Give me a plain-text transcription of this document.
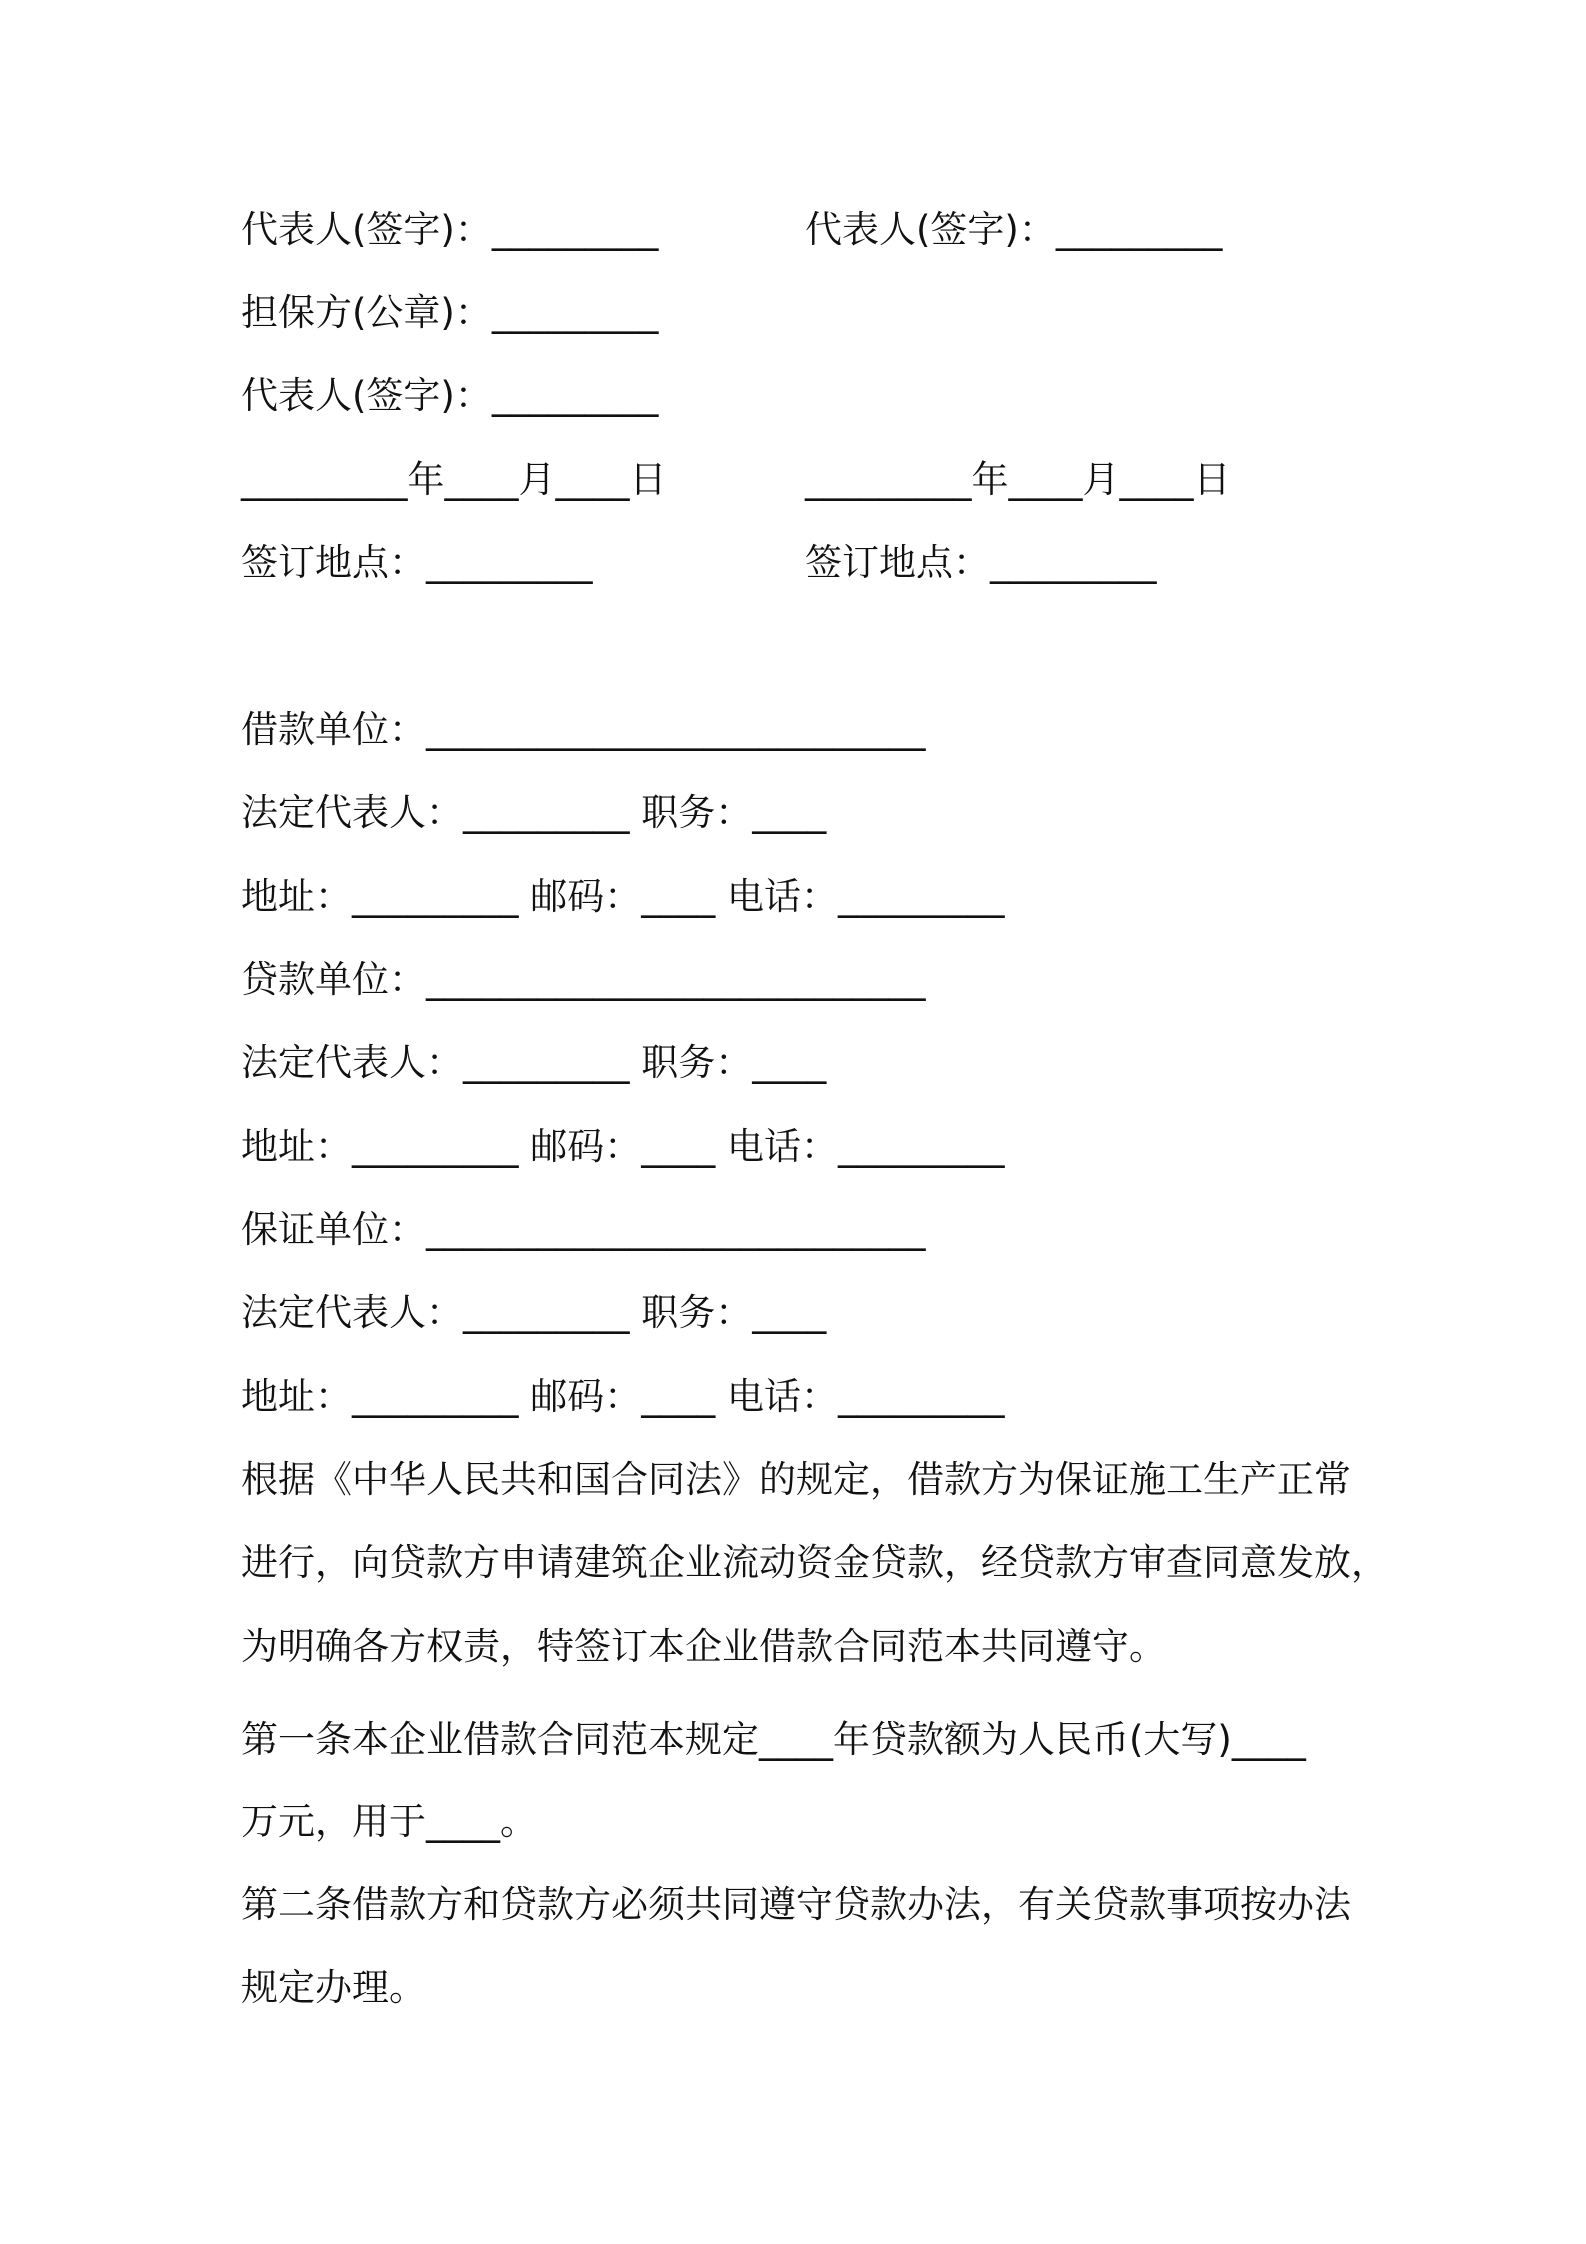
代表人(签字)：_________	代表人(签字)：_________

担保方(公章)：_________

代表人(签字)：_________

_________年____月____日	_________年____月____日

签订地点：_________	签订地点：_________

借款单位：___________________________

法定代表人：_________ 职务：____

地址：_________ 邮码：____ 电话：_________

贷款单位：___________________________

法定代表人：_________ 职务：____

地址：_________ 邮码：____ 电话：_________

保证单位：___________________________

法定代表人：_________ 职务：____

地址：_________ 邮码：____ 电话：_________

根据《中华人民共和国合同法》的规定，借款方为保证施工生产正常

进行，向贷款方申请建筑企业流动资金贷款，经贷款方审查同意发放，

为明确各方权责，特签订本企业借款合同范本共同遵守。

第一条本企业借款合同范本规定____年贷款额为人民币(大写)____

万元，用于____。

第二条借款方和贷款方必须共同遵守贷款办法，有关贷款事项按办法

规定办理。
